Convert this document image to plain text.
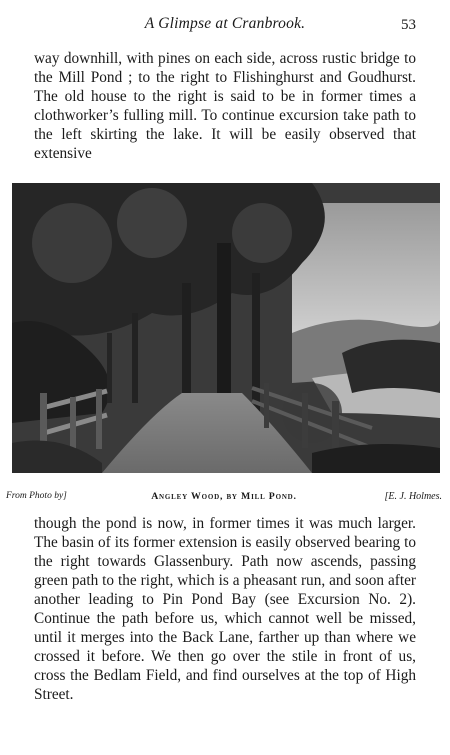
A Glimpse at Cranbrook.	53

way downhill, with pines on each side, across rustic bridge to the Mill Pond ; to the right to Flishinghurst and Goudhurst. The old house to the right is said to be in former times a clothworker’s fulling mill. To continue excursion take path to the left skirting the lake. It will be easily observed that extensive

From Photo by]	Angley Wood, by Mill Pond.	[E. J. Holmes.

though the pond is now, in former times it was much larger. The basin of its former extension is easily observed bearing to the right towards Glassenbury. Path now ascends, passing green path to the right, which is a pheasant run, and soon after another leading to Pin Pond Bay (see Excursion No. 2). Continue the path before us, which cannot well be missed, until it merges into the Back Lane, farther up than where we crossed it before. We then go over the stile in front of us, cross the Bedlam Field, and find ourselves at the top of High Street.
